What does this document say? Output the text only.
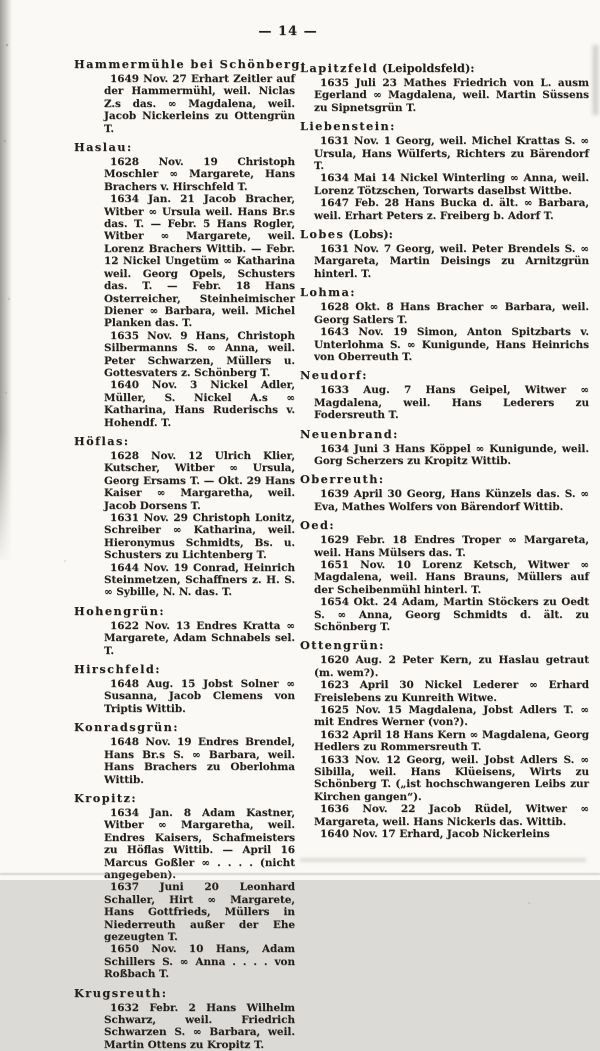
— 14 —
Hammermühle bei Schönberg:

1649 Nov. 27 Erhart Zeitler auf der Hammermühl, weil. Niclas Z.s das. ∞ Magdalena, weil. Jacob Nickerleins zu Ottengrün T.

Haslau:

1628 Nov. 19 Christoph Moschler ∞ Margarete, Hans Brachers v. Hirschfeld T.

1634 Jan. 21 Jacob Bracher, Witber ∞ Ursula weil. Hans Br.s das. T. — Febr. 5 Hans Rogler, Witber ∞ Margarete, weil. Lorenz Brachers Wittib. — Febr. 12 Nickel Ungetüm ∞ Katharina weil. Georg Opels, Schusters das. T. — Febr. 18 Hans Osterreicher, Steinheimischer Diener ∞ Barbara, weil. Michel Planken das. T.

1635 Nov. 9 Hans, Christoph Silbermanns S. ∞ Anna, weil. Peter Schwarzen, Müllers u. Gottesvaters z. Schönberg T.

1640 Nov. 3 Nickel Adler, Müller, S. Nickel A.s ∞ Katharina, Hans Ruderischs v. Hohendf. T.

Höflas:

1628 Nov. 12 Ulrich Klier, Kutscher, Witber ∞ Ursula, Georg Ersams T. — Okt. 29 Hans Kaiser ∞ Margaretha, weil. Jacob Dorsens T.

1631 Nov. 29 Christoph Lonitz, Schreiber ∞ Katharina, weil. Hieronymus Schmidts, Bs. u. Schusters zu Lichtenberg T.

1644 Nov. 19 Conrad, Heinrich Steinmetzen, Schaffners z. H. S. ∞ Sybille, N. N. das. T.

Hohengrün:

1622 Nov. 13 Endres Kratta ∞ Margarete, Adam Schnabels sel. T.

Hirschfeld:

1648 Aug. 15 Jobst Solner ∞ Susanna, Jacob Clemens von Triptis Wittib.

Konradsgrün:

1648 Nov. 19 Endres Brendel, Hans Br.s S. ∞ Barbara, weil. Hans Brachers zu Oberlohma Wittib.

Kropitz:

1634 Jan. 8 Adam Kastner, Witber ∞ Margaretha, weil. Endres Kaisers, Schafmeisters zu Höflas Wittib. — April 16 Marcus Goßler ∞ . . . . (nicht angegeben).

1637 Juni 20 Leonhard Schaller, Hirt ∞ Margarete, Hans Gottfrieds, Müllers in Niederreuth außer der Ehe gezeugten T.

1650 Nov. 10 Hans, Adam Schillers S. ∞ Anna . . . . von Roßbach T.

Krugsreuth:

1632 Febr. 2 Hans Wilhelm Schwarz, weil. Friedrich Schwarzen S. ∞ Barbara, weil. Martin Ottens zu Kropitz T.

Lapitzfeld (Leipoldsfeld):

1635 Juli 23 Mathes Friedrich von L. ausm Egerland ∞ Magdalena, weil. Martin Süssens zu Sipnetsgrün T.

Liebenstein:

1631 Nov. 1 Georg, weil. Michel Krattas S. ∞ Ursula, Hans Wülferts, Richters zu Bärendorf T.

1634 Mai 14 Nickel Winterling ∞ Anna, weil. Lorenz Tötzschen, Torwarts daselbst Wittbe.

1647 Feb. 28 Hans Bucka d. ält. ∞ Barbara, weil. Erhart Peters z. Freiberg b. Adorf T.

Lobes (Lobs):

1631 Nov. 7 Georg, weil. Peter Brendels S. ∞ Margareta, Martin Deisings zu Arnitzgrün hinterl. T.

Lohma:

1628 Okt. 8 Hans Bracher ∞ Barbara, weil. Georg Satlers T.

1643 Nov. 19 Simon, Anton Spitzbarts v. Unterlohma S. ∞ Kunigunde, Hans Heinrichs von Oberreuth T.

Neudorf:

1633 Aug. 7 Hans Geipel, Witwer ∞ Magdalena, weil. Hans Lederers zu Fodersreuth T.

Neuenbrand:

1634 Juni 3 Hans Köppel ∞ Kunigunde, weil. Gorg Scherzers zu Kropitz Wittib.

Oberreuth:

1639 April 30 Georg, Hans Künzels das. S. ∞ Eva, Mathes Wolfers von Bärendorf Wittib.

Oed:

1629 Febr. 18 Endres Troper ∞ Margareta, weil. Hans Mülsers das. T.

1651 Nov. 10 Lorenz Ketsch, Witwer ∞ Magdalena, weil. Hans Brauns, Müllers auf der Scheibenmühl hinterl. T.

1654 Okt. 24 Adam, Martin Stöckers zu Oedt S. ∞ Anna, Georg Schmidts d. ält. zu Schönberg T.

Ottengrün:

1620 Aug. 2 Peter Kern, zu Haslau getraut (m. wem?).

1623 April 30 Nickel Lederer ∞ Erhard Freislebens zu Kunreith Witwe.

1625 Nov. 15 Magdalena, Jobst Adlers T. ∞ mit Endres Werner (von?).

1632 April 18 Hans Kern ∞ Magdalena, Georg Hedlers zu Rommersreuth T.

1633 Nov. 12 Georg, weil. Jobst Adlers S. ∞ Sibilla, weil. Hans Klüeisens, Wirts zu Schönberg T. („ist hochschwangeren Leibs zur Kirchen gangen“).

1636 Nov. 22 Jacob Rüdel, Witwer ∞ Margareta, weil. Hans Nickerls das. Wittib.

1640 Nov. 17 Erhard, Jacob Nickerleins
